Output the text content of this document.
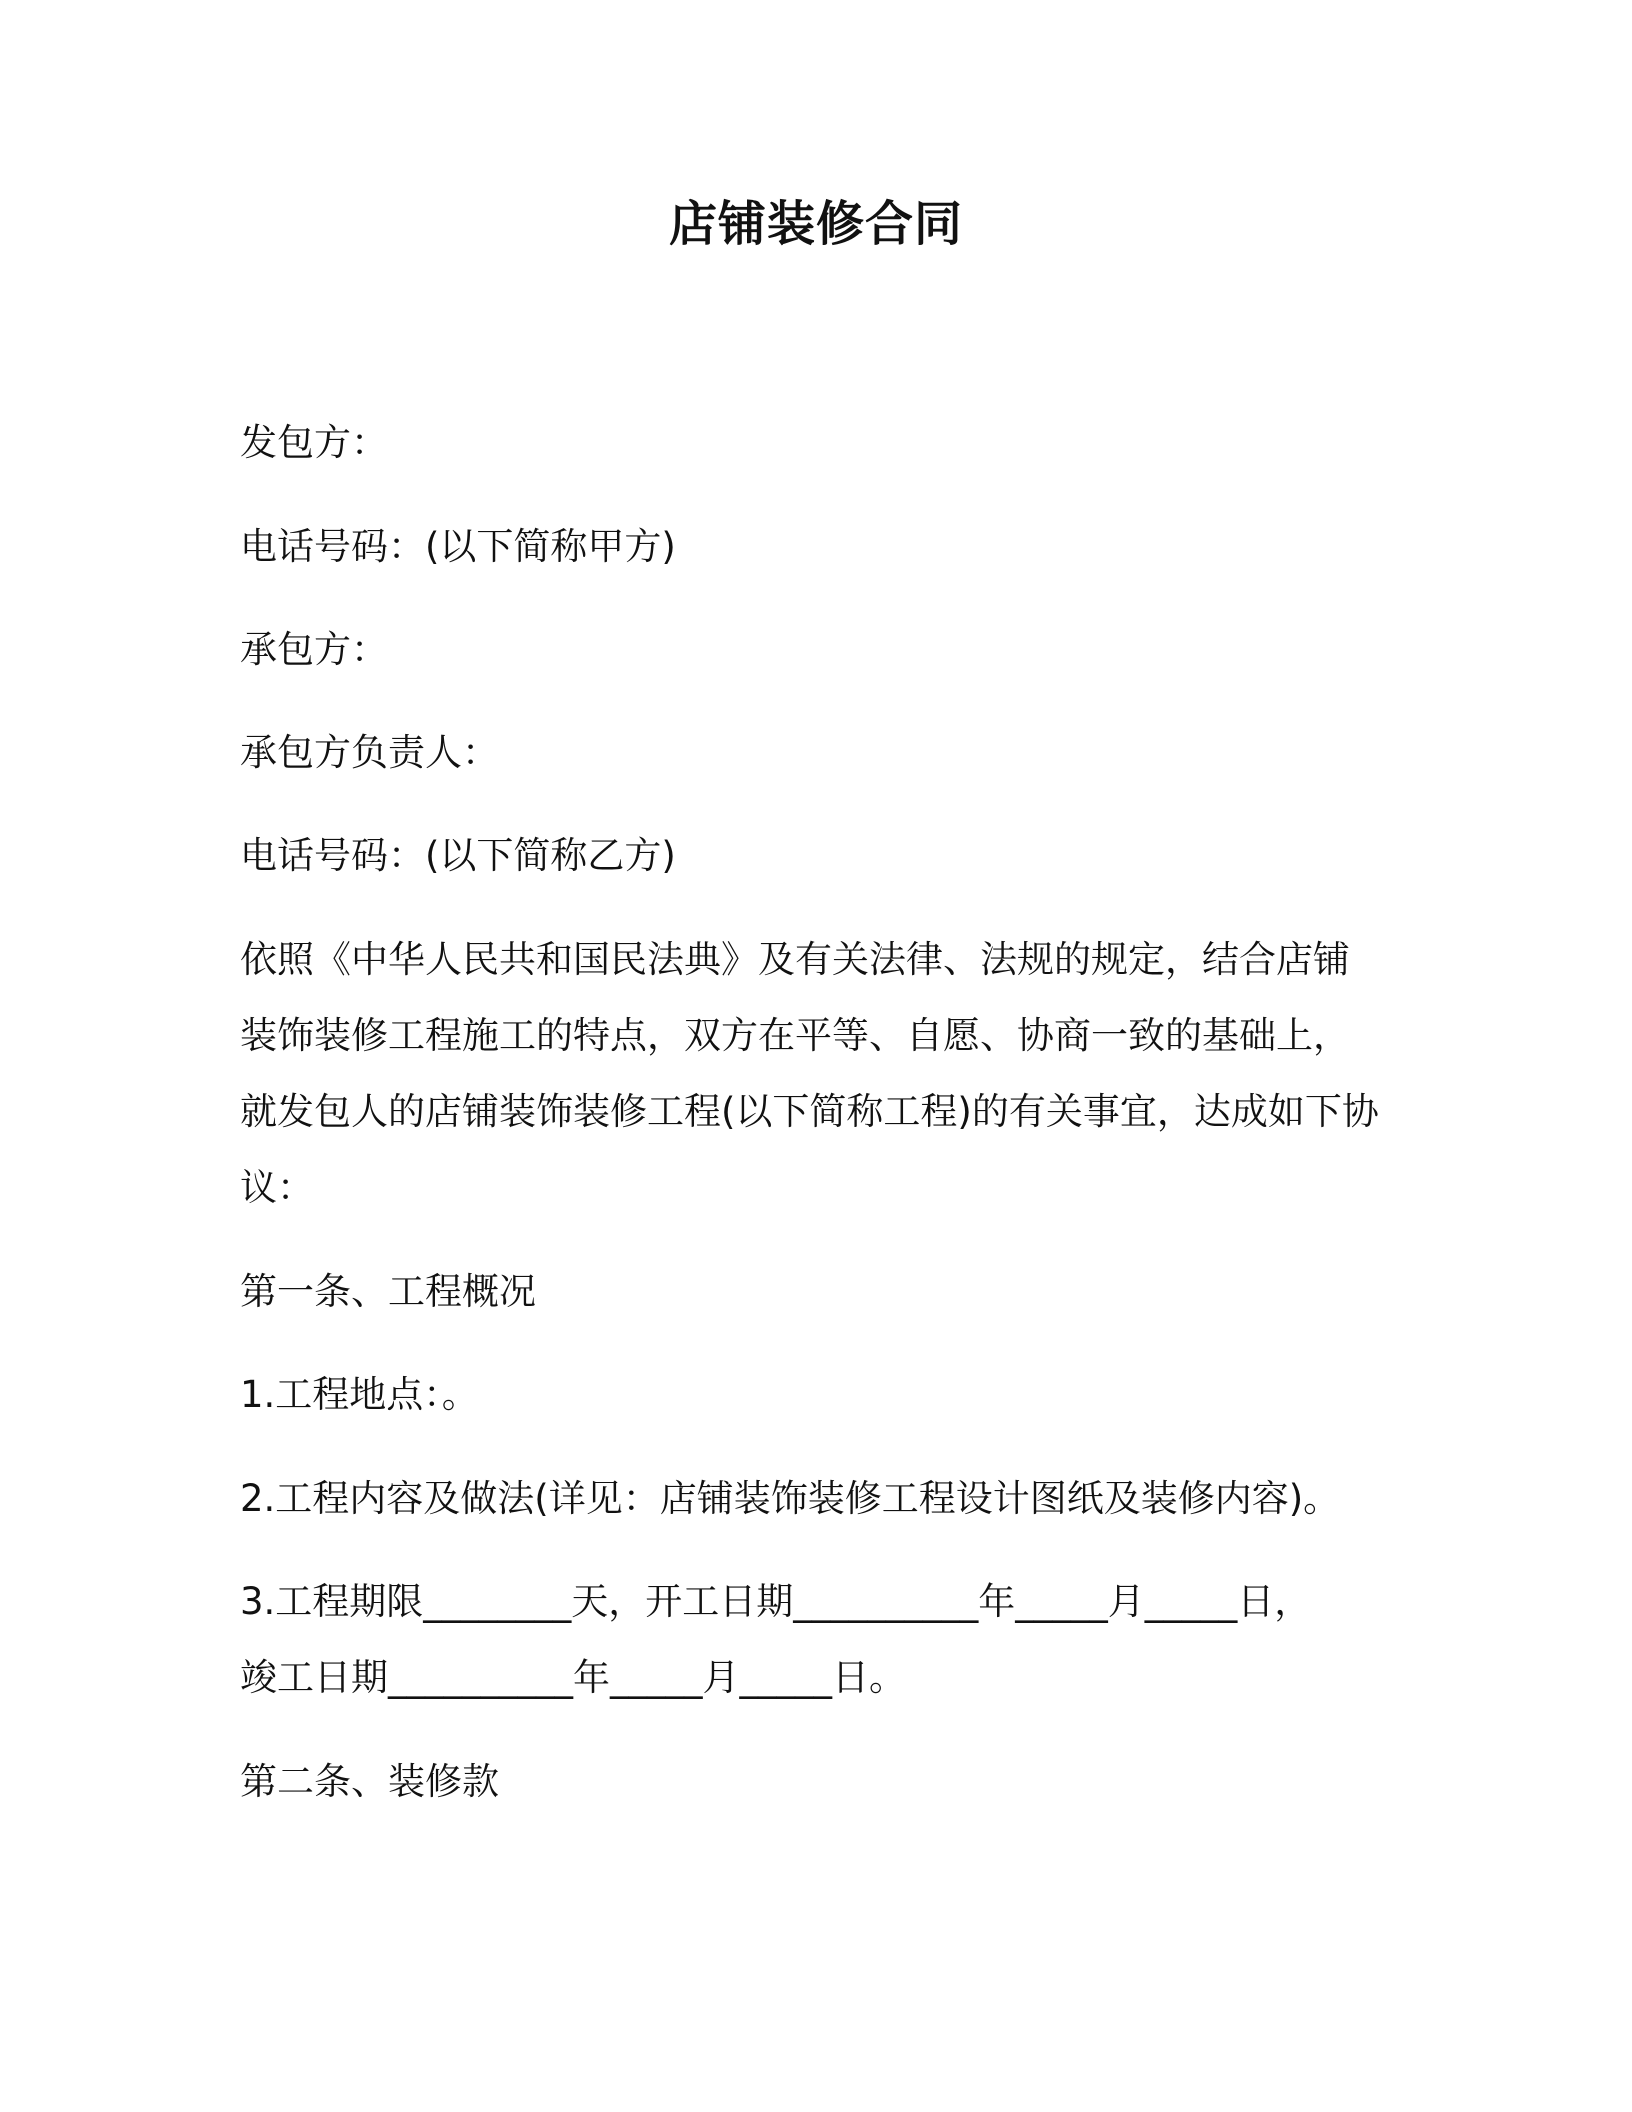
店铺装修合同
发包方：
电话号码：(以下简称甲方)
承包方：
承包方负责人：
电话号码：(以下简称乙方)
依照《中华人民共和国民法典》及有关法律、法规的规定，结合店铺
装饰装修工程施工的特点，双方在平等、自愿、协商一致的基础上，
就发包人的店铺装饰装修工程(以下简称工程)的有关事宜，达成如下协
议：
第一条、工程概况
1.工程地点：。
2.工程内容及做法(详见：店铺装饰装修工程设计图纸及装修内容)。
3.工程期限________天，开工日期__________年_____月_____日，
竣工日期__________年_____月_____日。
第二条、装修款
